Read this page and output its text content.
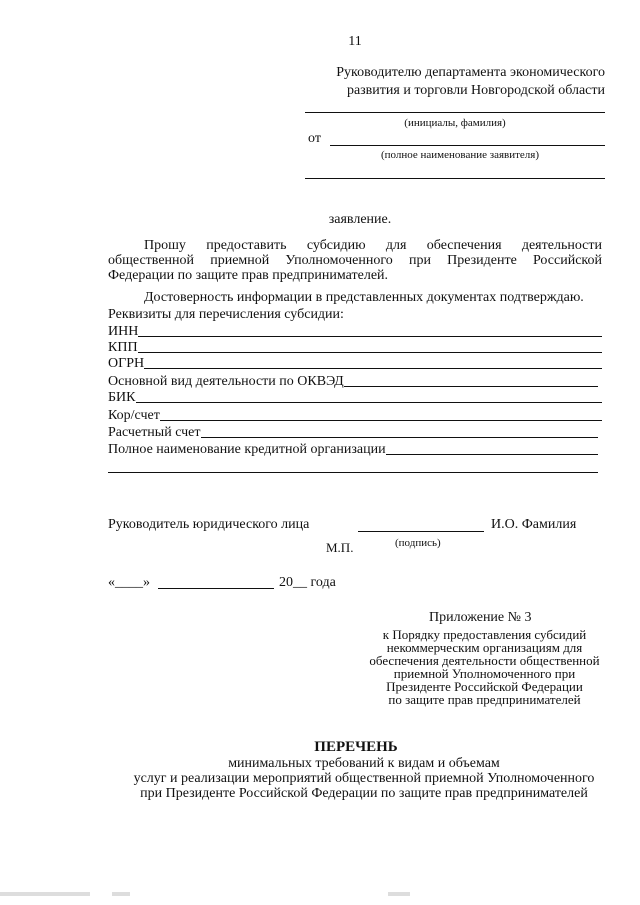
11
Руководителю департамента экономического
развития и торговли Новгородской области
(инициалы, фамилия)
от
(полное наименование заявителя)
заявление.
Прошу предоставить субсидию для обеспечения деятельности общественной приемной Уполномоченного при Президенте Российской Федерации по защите прав предпринимателей.
Достоверность информации в представленных документах подтверждаю.
Реквизиты для перечисления субсидии:
ИНН
КПП
ОГРН
Основной вид деятельности по ОКВЭД
БИК
Кор/счет
Расчетный счет
Полное наименование кредитной организации
Руководитель юридического лица	И.О. Фамилия
М.П.	(подпись)
«____»	20__ года
Приложение № 3
к Порядку предоставления субсидий
некоммерческим организациям для
обеспечения деятельности общественной
приемной Уполномоченного при
Президенте Российской Федерации
по защите прав предпринимателей
ПЕРЕЧЕНЬ
минимальных требований к видам и объемам
услуг и реализации мероприятий общественной приемной Уполномоченного
при Президенте Российской Федерации по защите прав предпринимателей
